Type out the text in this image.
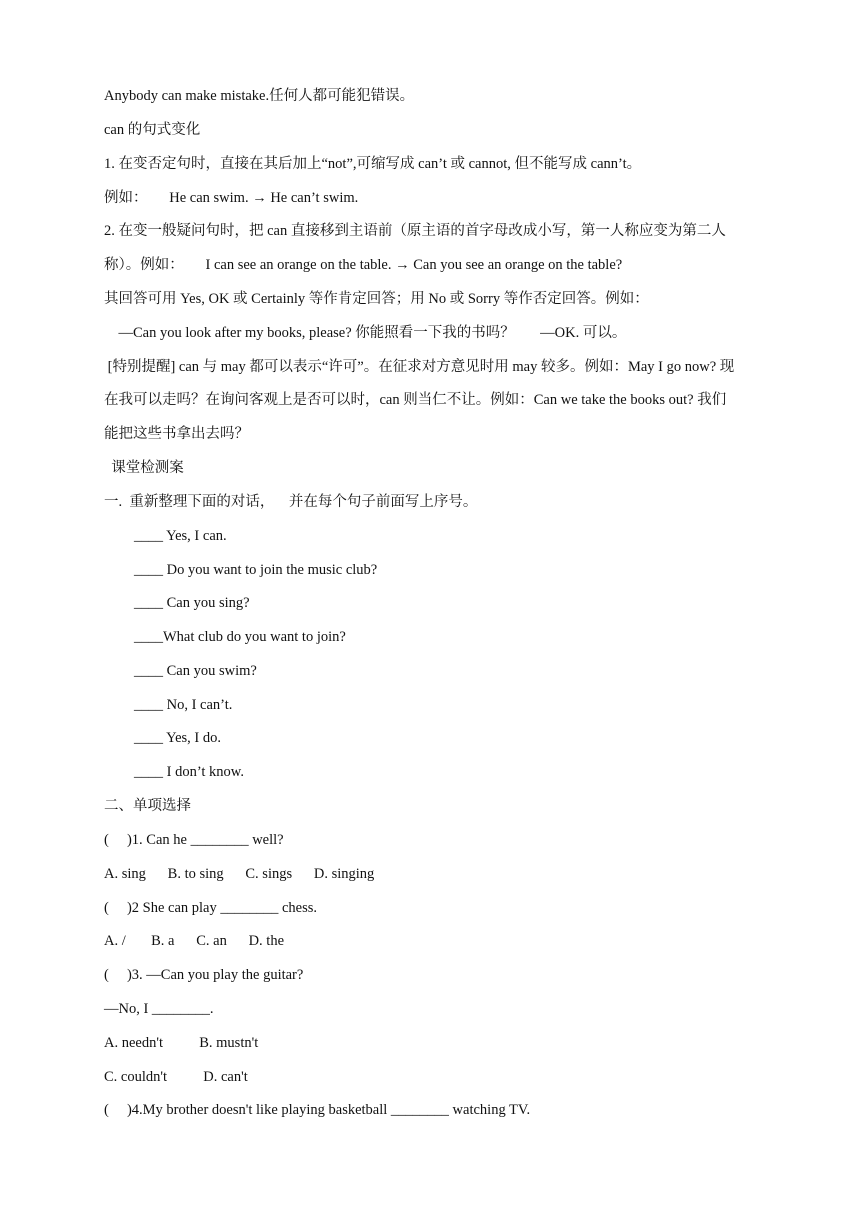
Anybody can make mistake.任何人都可能犯错误。
can 的句式变化
1. 在变否定句时，直接在其后加上“not”,可缩写成 can’t 或 cannot, 但不能写成 cann’t。
例如：      He can swim. → He can’t swim.
2. 在变一般疑问句时，把 can 直接移到主语前（原主语的首字母改成小写，第一人称应变为第二人
称）。例如：      I can see an orange on the table. → Can you see an orange on the table?
其回答可用 Yes, OK 或 Certainly 等作肯定回答；用 No 或 Sorry 等作否定回答。例如：
—Can you look after my books, please? 你能照看一下我的书吗？       —OK. 可以。
[特别提醒] can 与 may 都可以表示“许可”。在征求对方意见时用 may 较多。例如：May I go now? 现
在我可以走吗？在询问客观上是否可以时，can 则当仁不让。例如：Can we take the books out? 我们
能把这些书拿出去吗？
课堂检测案
一.  重新整理下面的对话，    并在每个句子前面写上序号。
____ Yes, I can.
____ Do you want to join the music club?
____ Can you sing?
____What club do you want to join?
____ Can you swim?
____ No, I can’t.
____ Yes, I do.
____ I don’t know.
二、单项选择
(     )1. Can he ________ well?
A. sing      B. to sing      C. sings      D. singing
(     )2 She can play ________ chess.
A. /       B. a      C. an      D. the
(     )3. —Can you play the guitar?
—No, I ________.
A. needn't          B. mustn't
C. couldn't          D. can't
(     )4.My brother doesn't like playing basketball ________ watching TV.
